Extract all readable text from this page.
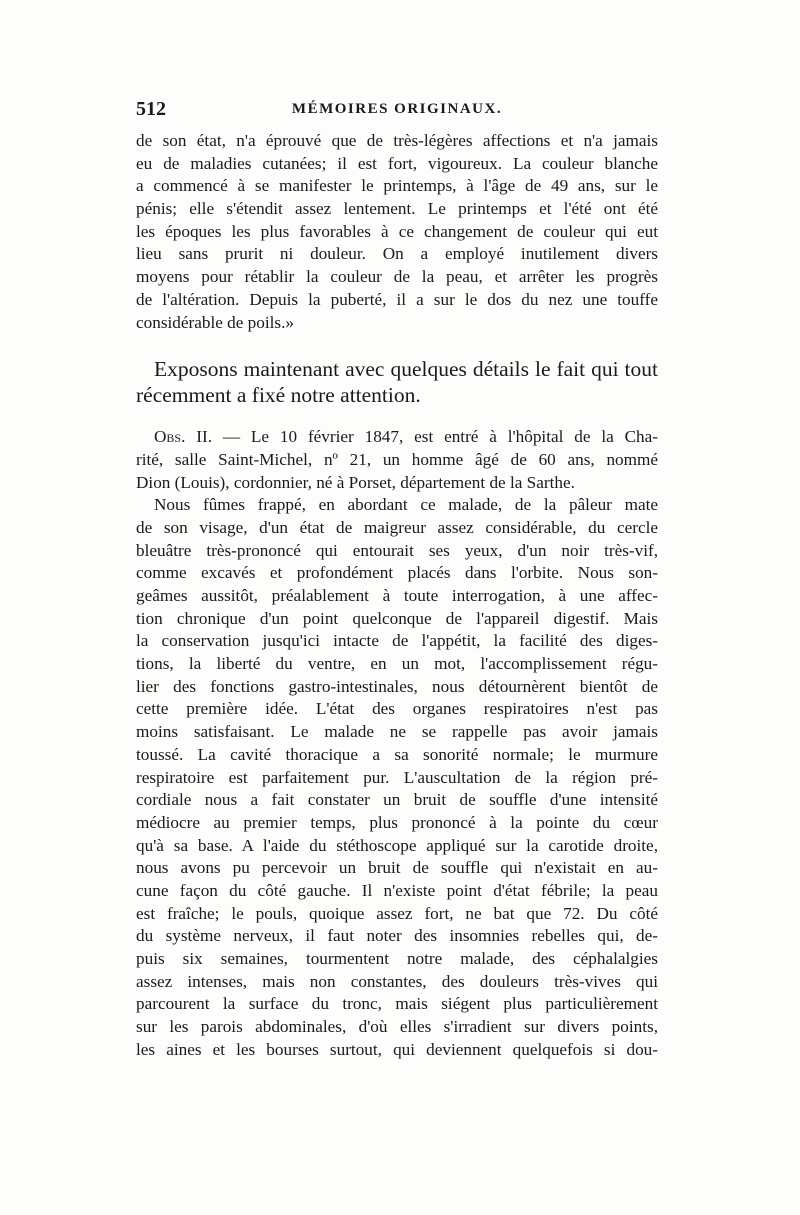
512	MÉMOIRES ORIGINAUX.
de son état, n'a éprouvé que de très-légères affections et n'a jamais
eu de maladies cutanées; il est fort, vigoureux. La couleur blanche
a commencé à se manifester le printemps, à l'âge de 49 ans, sur le
pénis; elle s'étendit assez lentement. Le printemps et l'été ont été
les époques les plus favorables à ce changement de couleur qui eut
lieu sans prurit ni douleur. On a employé inutilement divers
moyens pour rétablir la couleur de la peau, et arrêter les progrès
de l'altération. Depuis la puberté, il a sur le dos du nez une touffe
considérable de poils.»
Exposons maintenant avec quelques détails le fait qui tout
récemment a fixé notre attention.
Obs. II. — Le 10 février 1847, est entré à l'hôpital de la Cha-
rité, salle Saint-Michel, nº 21, un homme âgé de 60 ans, nommé
Dion (Louis), cordonnier, né à Porset, département de la Sarthe.
Nous fûmes frappé, en abordant ce malade, de la pâleur mate
de son visage, d'un état de maigreur assez considérable, du cercle
bleuâtre très-prononcé qui entourait ses yeux, d'un noir très-vif,
comme excavés et profondément placés dans l'orbite. Nous son-
geâmes aussitôt, préalablement à toute interrogation, à une affec-
tion chronique d'un point quelconque de l'appareil digestif. Mais
la conservation jusqu'ici intacte de l'appétit, la facilité des diges-
tions, la liberté du ventre, en un mot, l'accomplissement régu-
lier des fonctions gastro-intestinales, nous détournèrent bientôt de
cette première idée. L'état des organes respiratoires n'est pas
moins satisfaisant. Le malade ne se rappelle pas avoir jamais
toussé. La cavité thoracique a sa sonorité normale; le murmure
respiratoire est parfaitement pur. L'auscultation de la région pré-
cordiale nous a fait constater un bruit de souffle d'une intensité
médiocre au premier temps, plus prononcé à la pointe du cœur
qu'à sa base. A l'aide du stéthoscope appliqué sur la carotide droite,
nous avons pu percevoir un bruit de souffle qui n'existait en au-
cune façon du côté gauche. Il n'existe point d'état fébrile; la peau
est fraîche; le pouls, quoique assez fort, ne bat que 72. Du côté
du système nerveux, il faut noter des insomnies rebelles qui, de-
puis six semaines, tourmentent notre malade, des céphalalgies
assez intenses, mais non constantes, des douleurs très-vives qui
parcourent la surface du tronc, mais siégent plus particulièrement
sur les parois abdominales, d'où elles s'irradient sur divers points,
les aines et les bourses surtout, qui deviennent quelquefois si dou-
